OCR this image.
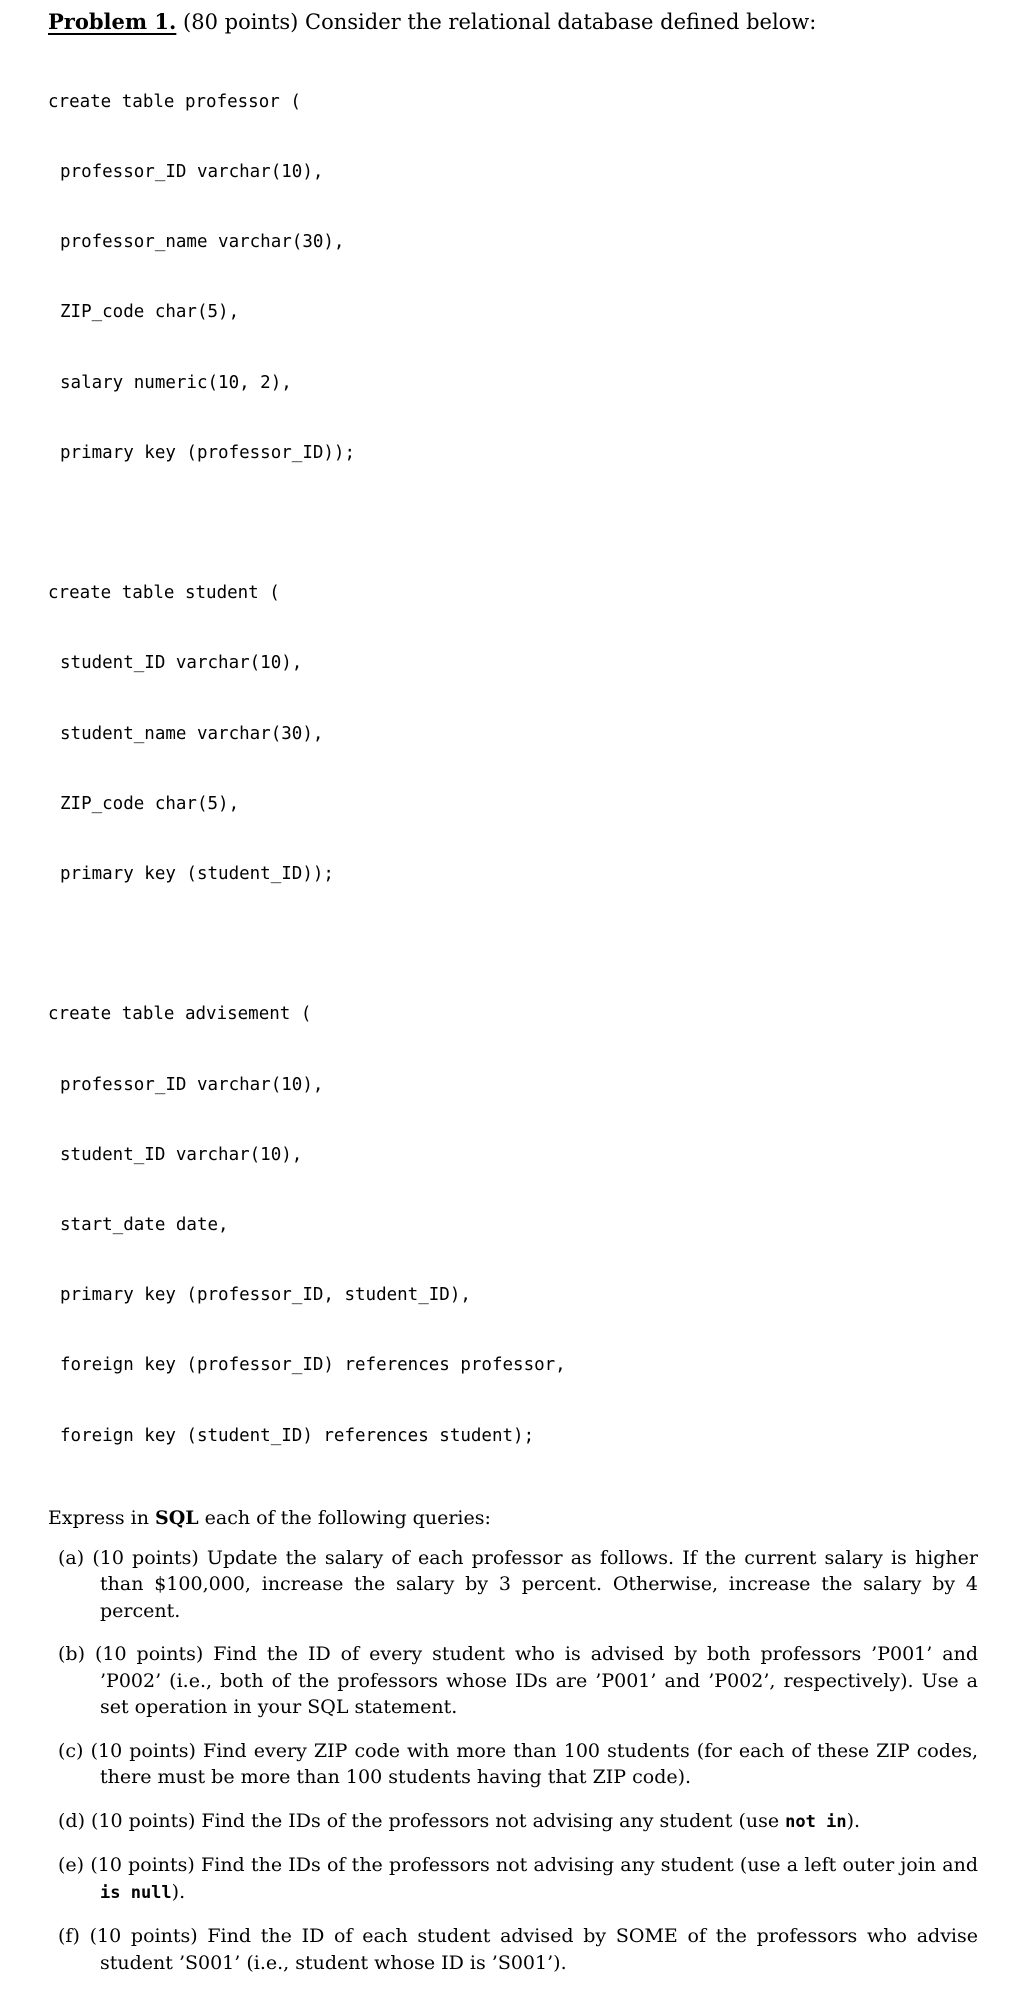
Problem 1. (80 points) Consider the relational database defined below:

create table professor (

professor_ID varchar(10),

professor_name varchar(30),

ZIP_code char(5),

salary numeric(10, 2),

primary key (professor_ID));

create table student (

student_ID varchar(10),

student_name varchar(30),

ZIP_code char(5),

primary key (student_ID));

create table advisement (

professor_ID varchar(10),

student_ID varchar(10),

start_date date,

primary key (professor_ID, student_ID),

foreign key (professor_ID) references professor,

foreign key (student_ID) references student);

Express in SQL each of the following queries:

(a) (10 points) Update the salary of each professor as follows. If the current salary is higher than $100,000, increase the salary by 3 percent. Otherwise, increase the salary by 4 percent.
(b) (10 points) Find the ID of every student who is advised by both professors ’P001’ and ’P002’ (i.e., both of the professors whose IDs are ’P001’ and ’P002’, respectively). Use a set operation in your SQL statement.
(c) (10 points) Find every ZIP code with more than 100 students (for each of these ZIP codes, there must be more than 100 students having that ZIP code).
(d) (10 points) Find the IDs of the professors not advising any student (use not in).
(e) (10 points) Find the IDs of the professors not advising any student (use a left outer join and is null).
(f) (10 points) Find the ID of each student advised by SOME of the professors who advise student ’S001’ (i.e., student whose ID is ’S001’).
